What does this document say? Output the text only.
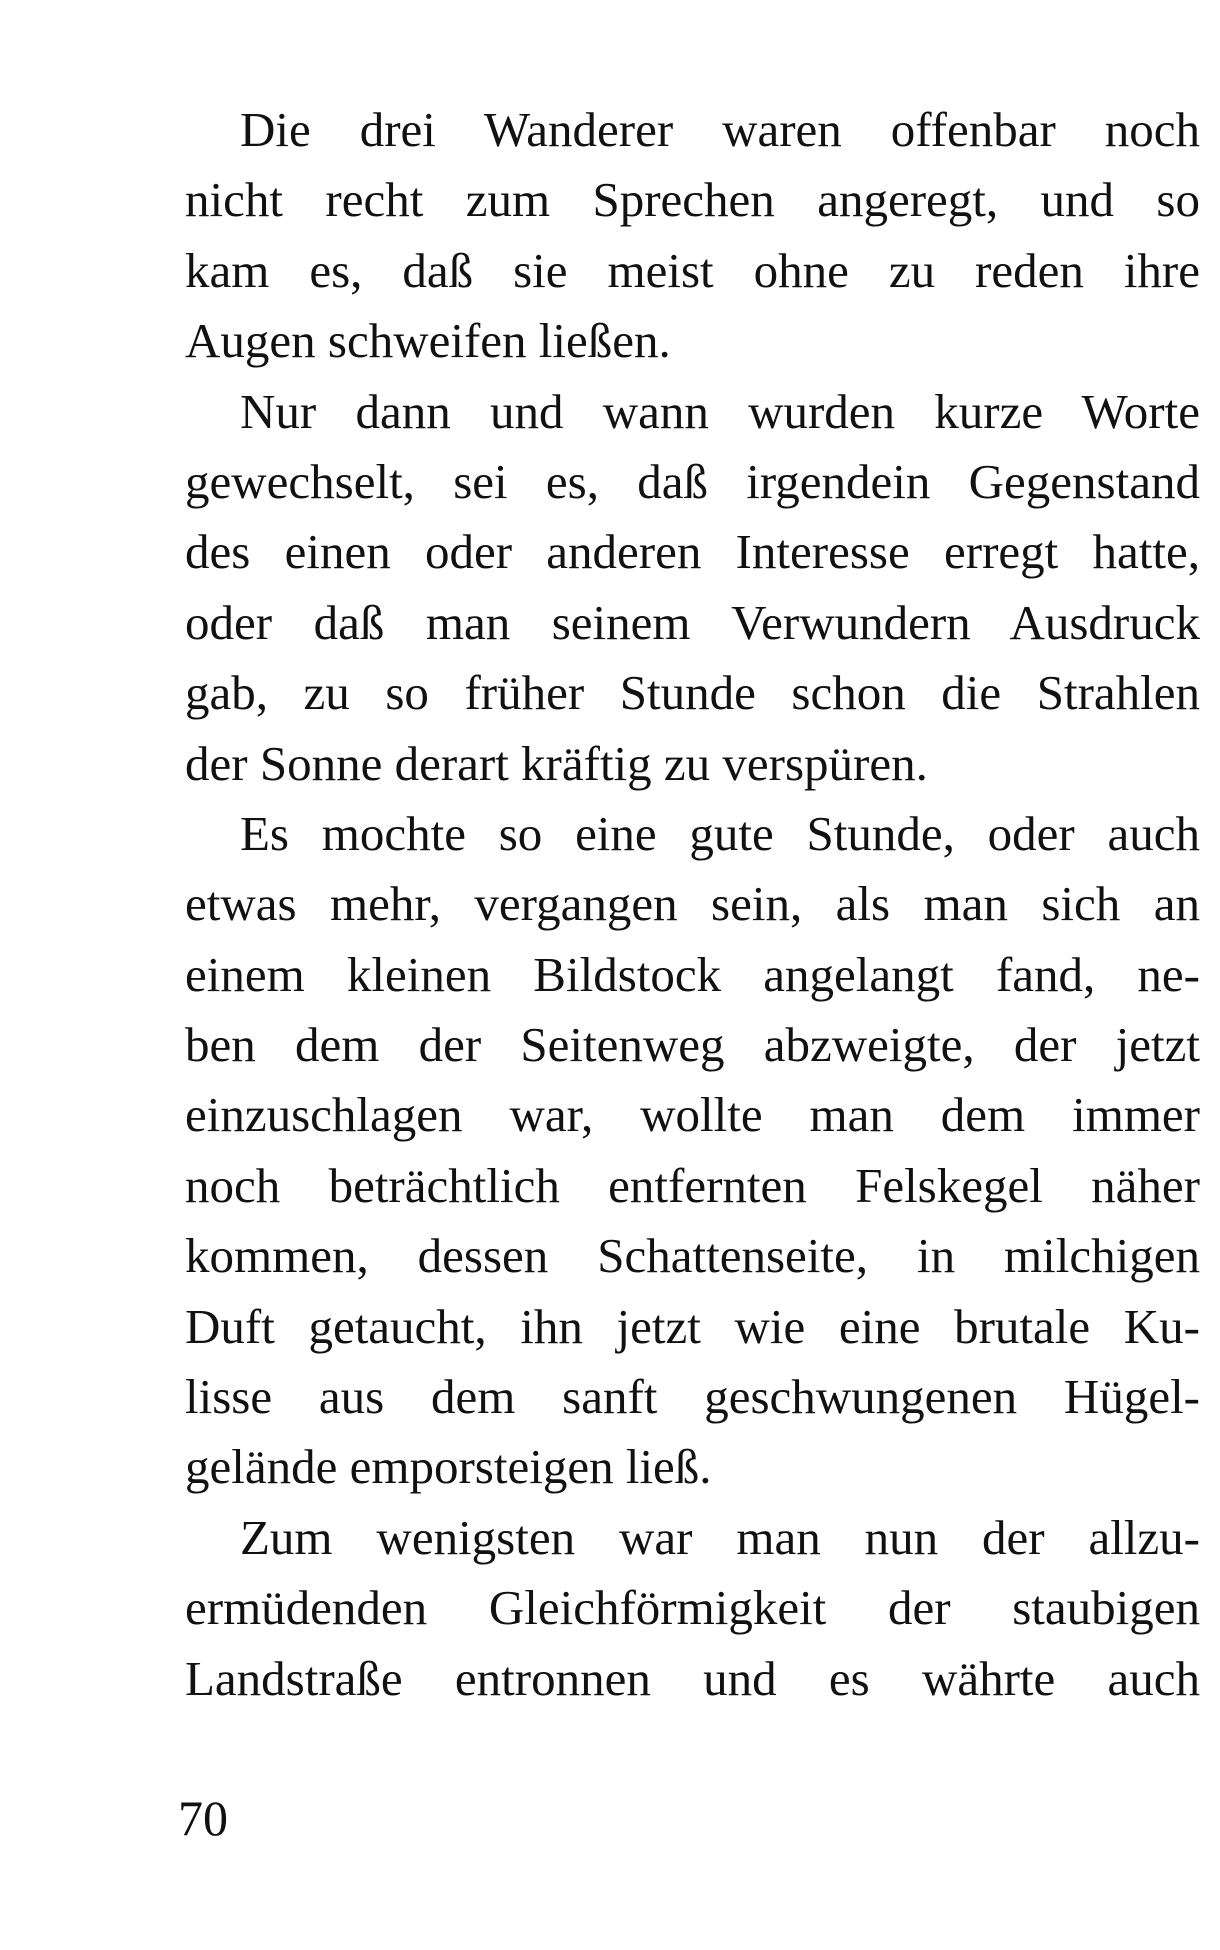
Die drei Wanderer waren offenbar noch
nicht recht zum Sprechen angeregt, und so
kam es, daß sie meist ohne zu reden ihre
Augen schweifen ließen.

Nur dann und wann wurden kurze Worte
gewechselt, sei es, daß irgendein Gegenstand
des einen oder anderen Interesse erregt hatte,
oder daß man seinem Verwundern Ausdruck
gab, zu so früher Stunde schon die Strahlen
der Sonne derart kräftig zu verspüren.

Es mochte so eine gute Stunde, oder auch
etwas mehr, vergangen sein, als man sich an
einem kleinen Bildstock angelangt fand, ne-
ben dem der Seitenweg abzweigte, der jetzt
einzuschlagen war, wollte man dem immer
noch beträchtlich entfernten Felskegel näher
kommen, dessen Schattenseite, in milchigen
Duft getaucht, ihn jetzt wie eine brutale Ku-
lisse aus dem sanft geschwungenen Hügel-
gelände emporsteigen ließ.

Zum wenigsten war man nun der allzu-
ermüdenden Gleichförmigkeit der staubigen
Landstraße entronnen und es währte auch

70
